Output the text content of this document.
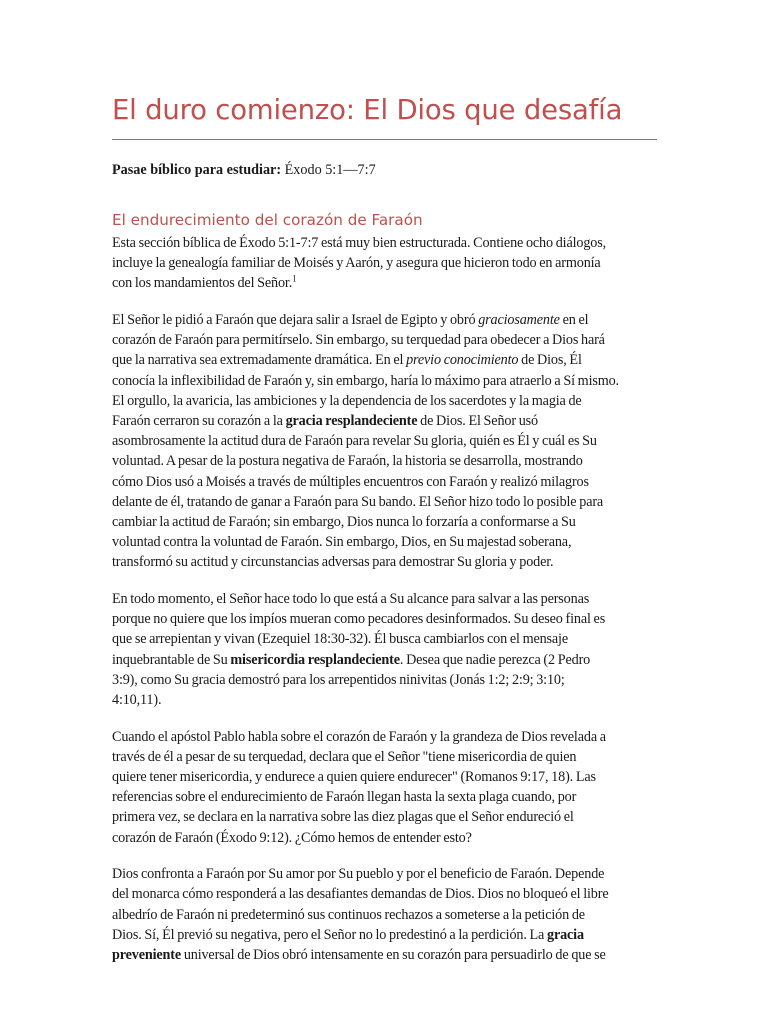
El duro comienzo: El Dios que desafía

Pasae bíblico para estudiar: Éxodo 5:1—7:7

El endurecimiento del corazón de Faraón

Esta sección bíblica de Éxodo 5:1-7:7 está muy bien estructurada. Contiene ocho diálogos,
incluye la genealogía familiar de Moisés y Aarón, y asegura que hicieron todo en armonía
con los mandamientos del Señor.$^1$

El Señor le pidió a Faraón que dejara salir a Israel de Egipto y obró graciosamente en el
corazón de Faraón para permitírselo. Sin embargo, su terquedad para obedecer a Dios hará
que la narrativa sea extremadamente dramática. En el previo conocimiento de Dios, Él
conocía la inflexibilidad de Faraón y, sin embargo, haría lo máximo para atraerlo a Sí mismo.
El orgullo, la avaricia, las ambiciones y la dependencia de los sacerdotes y la magia de
Faraón cerraron su corazón a la gracia resplandeciente de Dios. El Señor usó
asombrosamente la actitud dura de Faraón para revelar Su gloria, quién es Él y cuál es Su
voluntad. A pesar de la postura negativa de Faraón, la historia se desarrolla, mostrando
cómo Dios usó a Moisés a través de múltiples encuentros con Faraón y realizó milagros
delante de él, tratando de ganar a Faraón para Su bando. El Señor hizo todo lo posible para
cambiar la actitud de Faraón; sin embargo, Dios nunca lo forzaría a conformarse a Su
voluntad contra la voluntad de Faraón. Sin embargo, Dios, en Su majestad soberana,
transformó su actitud y circunstancias adversas para demostrar Su gloria y poder.

En todo momento, el Señor hace todo lo que está a Su alcance para salvar a las personas
porque no quiere que los impíos mueran como pecadores desinformados. Su deseo final es
que se arrepientan y vivan (Ezequiel 18:30-32). Él busca cambiarlos con el mensaje
inquebrantable de Su misericordia resplandeciente. Desea que nadie perezca (2 Pedro
3:9), como Su gracia demostró para los arrepentidos ninivitas (Jonás 1:2; 2:9; 3:10;
4:10,11).

Cuando el apóstol Pablo habla sobre el corazón de Faraón y la grandeza de Dios revelada a
través de él a pesar de su terquedad, declara que el Señor "tiene misericordia de quien
quiere tener misericordia, y endurece a quien quiere endurecer" (Romanos 9:17, 18). Las
referencias sobre el endurecimiento de Faraón llegan hasta la sexta plaga cuando, por
primera vez, se declara en la narrativa sobre las diez plagas que el Señor endureció el
corazón de Faraón (Éxodo 9:12). ¿Cómo hemos de entender esto?

Dios confronta a Faraón por Su amor por Su pueblo y por el beneficio de Faraón. Depende
del monarca cómo responderá a las desafiantes demandas de Dios. Dios no bloqueó el libre
albedrío de Faraón ni predeterminó sus continuos rechazos a someterse a la petición de
Dios. Sí, Él previó su negativa, pero el Señor no lo predestinó a la perdición. La gracia
preveniente universal de Dios obró intensamente en su corazón para persuadirlo de que se
